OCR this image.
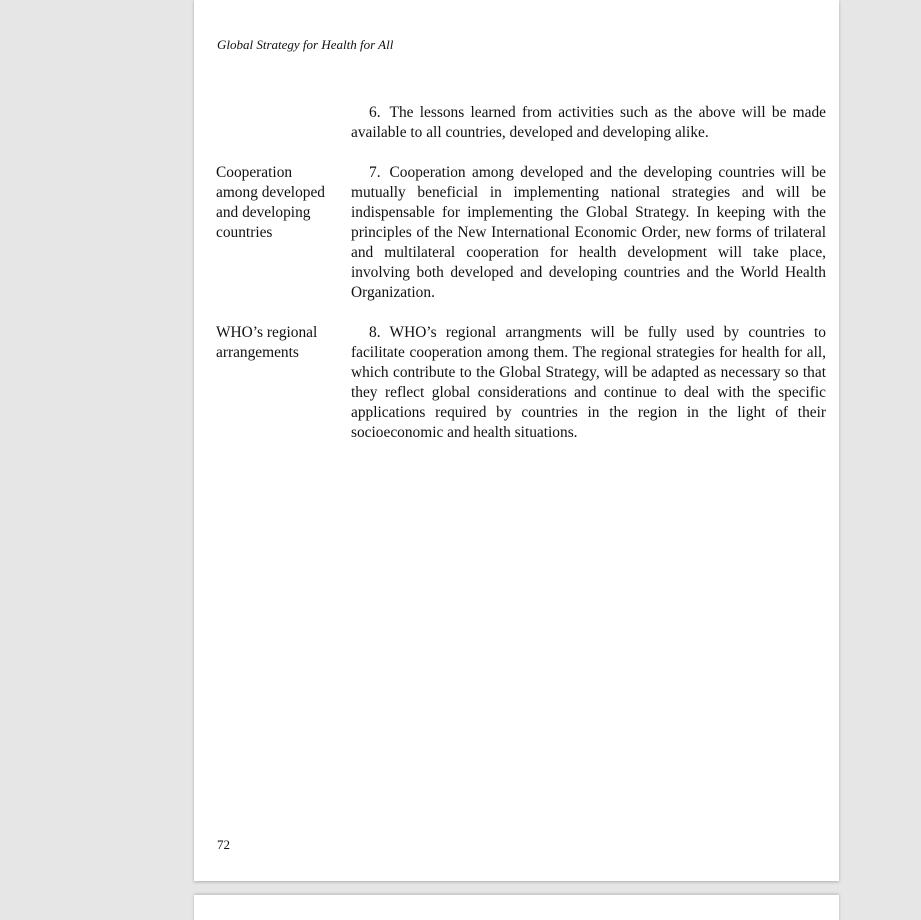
Global Strategy for Health for All
6. The lessons learned from activities such as the above will be made available to all countries, developed and developing alike.
Cooperation among developed and developing countries
7. Cooperation among developed and the developing countries will be mutually beneficial in implementing national strategies and will be indispensable for implementing the Global Strategy. In keeping with the principles of the New International Economic Order, new forms of trilateral and multilateral cooperation for health development will take place, involving both developed and developing countries and the World Health Organization.
WHO’s regional arrangements
8. WHO’s regional arrangments will be fully used by countries to facilitate cooperation among them. The regional strategies for health for all, which contribute to the Global Strategy, will be adapted as necessary so that they reflect global considerations and continue to deal with the specific applications required by countries in the region in the light of their socioeconomic and health situations.
72
